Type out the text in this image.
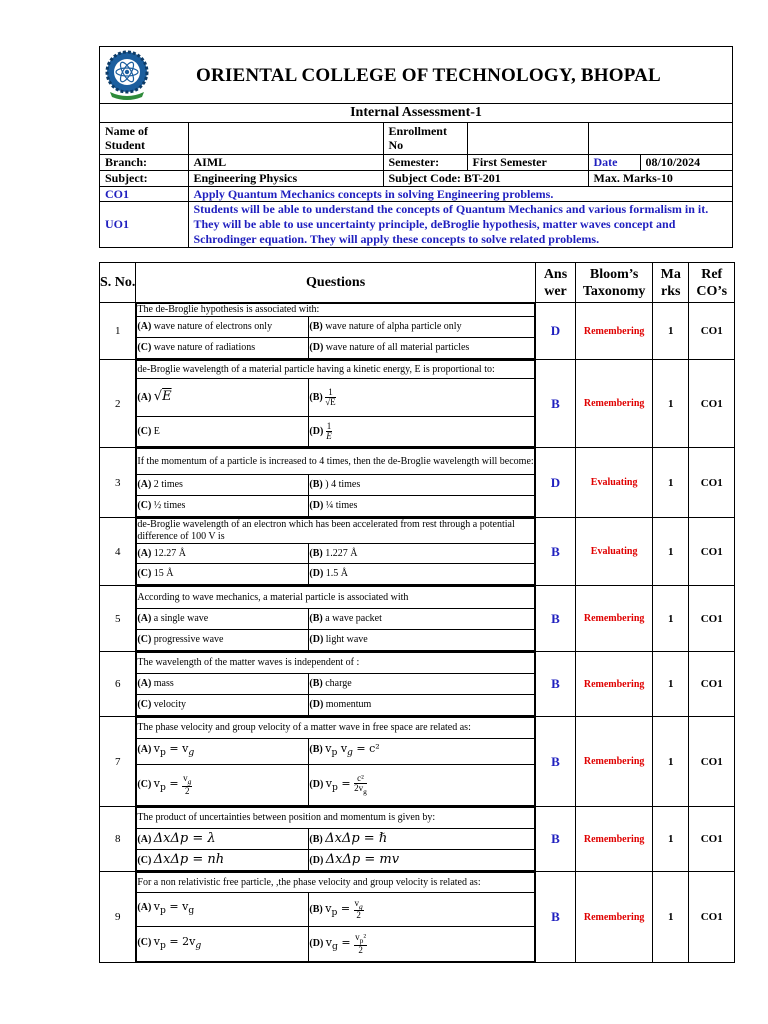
ORIENTAL COLLEGE OF TECHNOLOGY, BHOPAL
Internal Assessment-1
Name of Student		Enrollment No			
Branch:	AIML	Semester:	First Semester	Date	08/10/2024
Subject:	Engineering Physics	Subject Code: BT-201		Max. Marks-10	
CO1	Apply Quantum Mechanics concepts in solving Engineering problems.				
UO1	Students will be able to understand the concepts of Quantum Mechanics and various formalism in it. They will be able to use uncertainty principle, deBroglie hypothesis, matter waves concept and Schrodinger equation. They will apply these concepts to solve related problems.				
S. No.	Questions	Ans wer	Bloom’s Taxonomy	Ma rks	Ref CO’s
1	
The de-Broglie hypothesis is associated with:
(A) wave nature of electrons only	(B) wave nature of alpha particle only
(C) wave nature of radiations	(D) wave nature of all material particles
	D	Remembering	1	CO1
2	
de-Broglie wavelength of a material particle having a kinetic energy, E is proportional to:
(A) √E	$(B) \frac{1}{√E}$

(C) E	$(D) \frac{1}{E}$
	B	Remembering	1	CO1
3	
If the momentum of a particle is increased to 4 times, then the de-Broglie wavelength will become:
(A) 2 times	(B) ) 4 times
(C) ½ times	(D) ¼ times
	D	Evaluating	1	CO1
4	
de-Broglie wavelength of an electron which has been accelerated from rest through a potential difference of 100 V is
(A) 12.27 Å	(B) 1.227 Å
(C) 15 Å	(D) 1.5 Å
	B	Evaluating	1	CO1
5	
According to wave mechanics, a material particle is associated with
(A) a single wave	(B) a wave packet
(C) progressive wave	(D) light wave
	B	Remembering	1	CO1
6	
The wavelength of the matter waves is independent of :
(A) mass	(B) charge
(C) velocity	(D) momentum
	B	Remembering	1	CO1
7	
The phase velocity and group velocity of a matter wave in free space are related as:
(A) $v_p = v_g$	(B) $v_p$ $v_g = c^2$
(C) $v_p = \frac{v_g}{2}$	(D) $v_p = \frac{\text{c²}}{2v_g}$
	B	Remembering	1	CO1
8	
The product of uncertainties between position and momentum is given by:
(A) ΔxΔp = λ	(B) ΔxΔp = ℏ
(C) ΔxΔp = nh	(D) ΔxΔp = mv
	B	Remembering	1	CO1
9	
For a non relativistic free particle, ,the phase velocity and group velocity is related as:
(A) $v_p = v_g$	(B) $v_p = \frac{v_g}{2}$

(C) $v_p = 2v_g$	(D) $v_g = \frac{v_p^2}{2}$
	B	Remembering	1	CO1
